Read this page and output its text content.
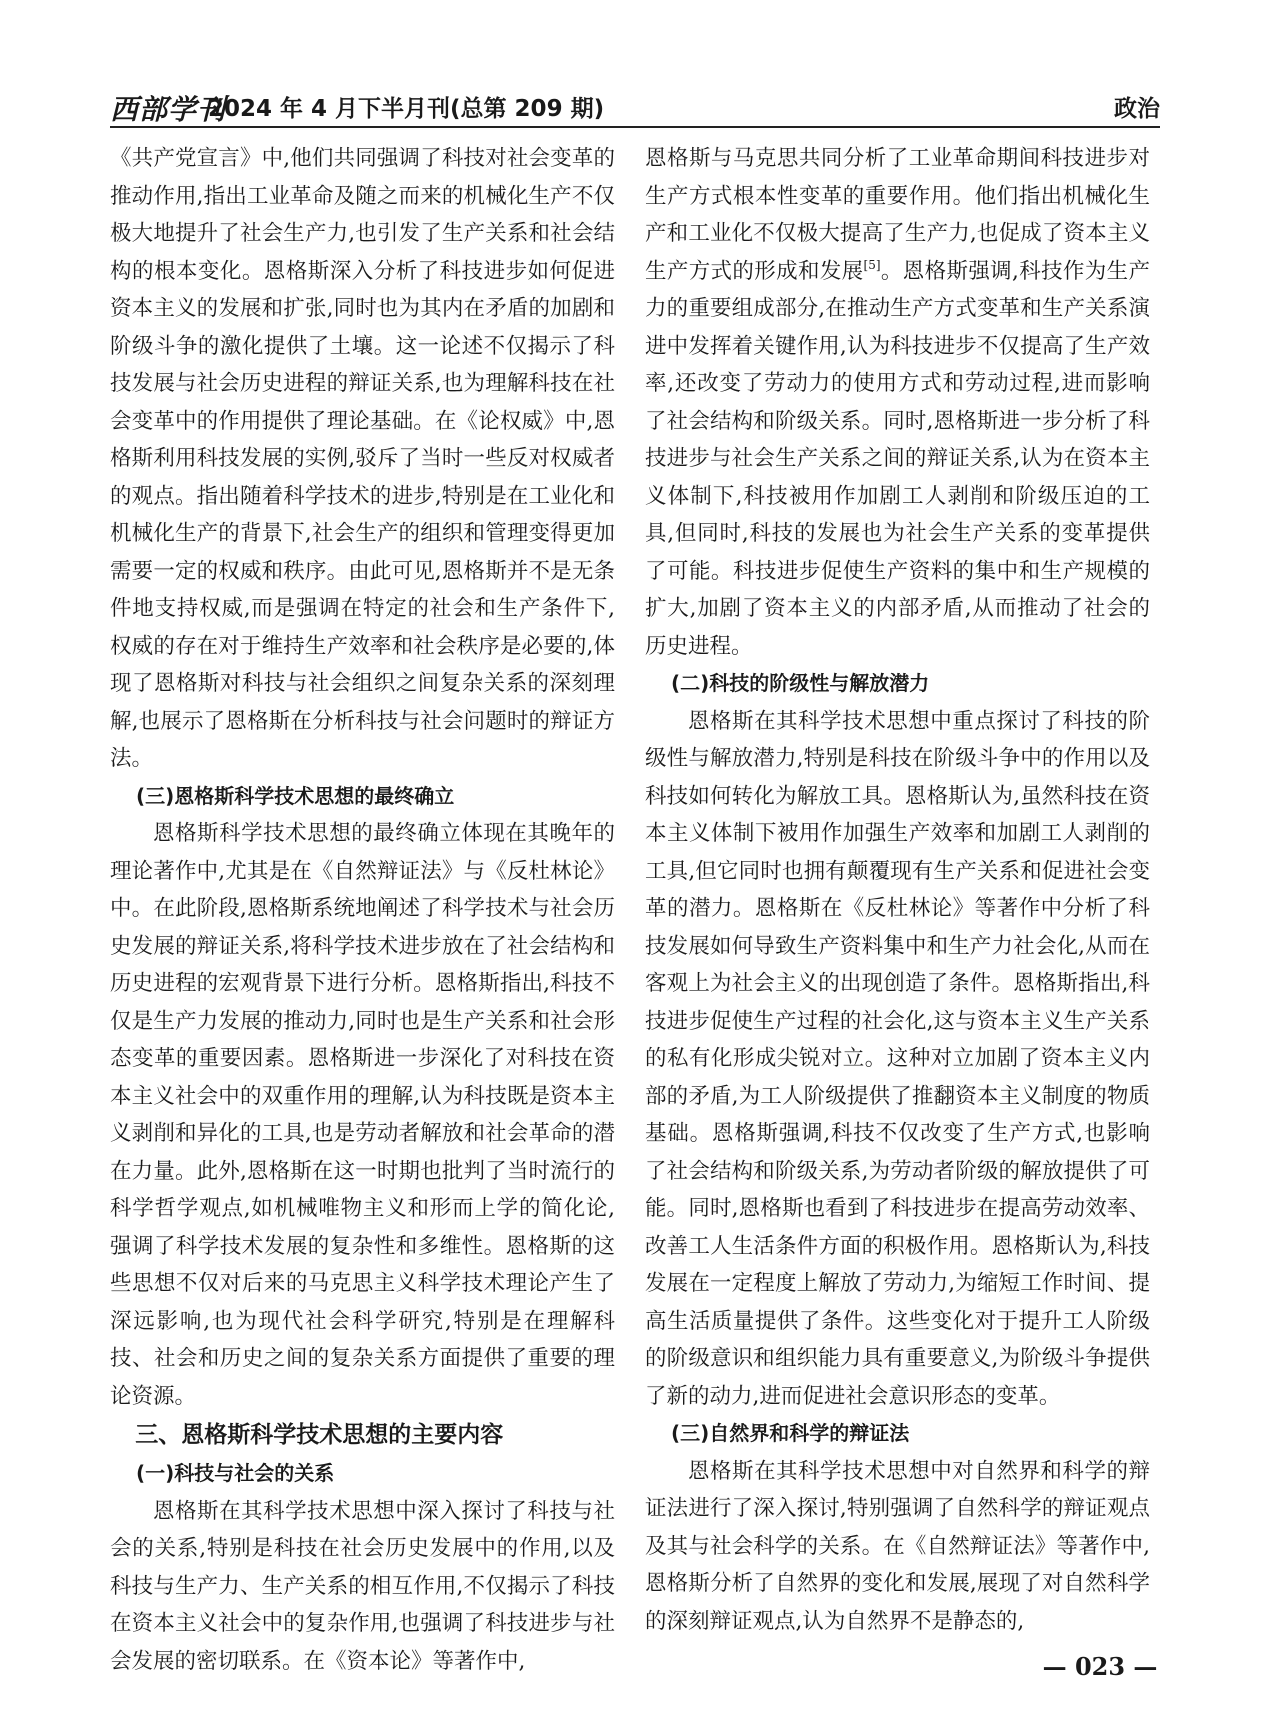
西部学刊
2024 年 4 月下半月刊(总第 209 期)	政治

《共产党宣言》中,他们共同强调了科技对社会变革的推动作用,指出工业革命及随之而来的机械化生产不仅极大地提升了社会生产力,也引发了生产关系和社会结构的根本变化。恩格斯深入分析了科技进步如何促进资本主义的发展和扩张,同时也为其内在矛盾的加剧和阶级斗争的激化提供了土壤。这一论述不仅揭示了科技发展与社会历史进程的辩证关系,也为理解科技在社会变革中的作用提供了理论基础。在《论权威》中,恩格斯利用科技发展的实例,驳斥了当时一些反对权威者的观点。指出随着科学技术的进步,特别是在工业化和机械化生产的背景下,社会生产的组织和管理变得更加需要一定的权威和秩序。由此可见,恩格斯并不是无条件地支持权威,而是强调在特定的社会和生产条件下,权威的存在对于维持生产效率和社会秩序是必要的,体现了恩格斯对科技与社会组织之间复杂关系的深刻理解,也展示了恩格斯在分析科技与社会问题时的辩证方法。

(三)恩格斯科学技术思想的最终确立

恩格斯科学技术思想的最终确立体现在其晚年的理论著作中,尤其是在《自然辩证法》与《反杜林论》中。在此阶段,恩格斯系统地阐述了科学技术与社会历史发展的辩证关系,将科学技术进步放在了社会结构和历史进程的宏观背景下进行分析。恩格斯指出,科技不仅是生产力发展的推动力,同时也是生产关系和社会形态变革的重要因素。恩格斯进一步深化了对科技在资本主义社会中的双重作用的理解,认为科技既是资本主义剥削和异化的工具,也是劳动者解放和社会革命的潜在力量。此外,恩格斯在这一时期也批判了当时流行的科学哲学观点,如机械唯物主义和形而上学的简化论,强调了科学技术发展的复杂性和多维性。恩格斯的这些思想不仅对后来的马克思主义科学技术理论产生了深远影响,也为现代社会科学研究,特别是在理解科技、社会和历史之间的复杂关系方面提供了重要的理论资源。

三、恩格斯科学技术思想的主要内容

(一)科技与社会的关系

恩格斯在其科学技术思想中深入探讨了科技与社会的关系,特别是科技在社会历史发展中的作用,以及科技与生产力、生产关系的相互作用,不仅揭示了科技在资本主义社会中的复杂作用,也强调了科技进步与社会发展的密切联系。在《资本论》等著作中,

恩格斯与马克思共同分析了工业革命期间科技进步对生产方式根本性变革的重要作用。他们指出机械化生产和工业化不仅极大提高了生产力,也促成了资本主义生产方式的形成和发展[5]。恩格斯强调,科技作为生产力的重要组成部分,在推动生产方式变革和生产关系演进中发挥着关键作用,认为科技进步不仅提高了生产效率,还改变了劳动力的使用方式和劳动过程,进而影响了社会结构和阶级关系。同时,恩格斯进一步分析了科技进步与社会生产关系之间的辩证关系,认为在资本主义体制下,科技被用作加剧工人剥削和阶级压迫的工具,但同时,科技的发展也为社会生产关系的变革提供了可能。科技进步促使生产资料的集中和生产规模的扩大,加剧了资本主义的内部矛盾,从而推动了社会的历史进程。

(二)科技的阶级性与解放潜力

恩格斯在其科学技术思想中重点探讨了科技的阶级性与解放潜力,特别是科技在阶级斗争中的作用以及科技如何转化为解放工具。恩格斯认为,虽然科技在资本主义体制下被用作加强生产效率和加剧工人剥削的工具,但它同时也拥有颠覆现有生产关系和促进社会变革的潜力。恩格斯在《反杜林论》等著作中分析了科技发展如何导致生产资料集中和生产力社会化,从而在客观上为社会主义的出现创造了条件。恩格斯指出,科技进步促使生产过程的社会化,这与资本主义生产关系的私有化形成尖锐对立。这种对立加剧了资本主义内部的矛盾,为工人阶级提供了推翻资本主义制度的物质基础。恩格斯强调,科技不仅改变了生产方式,也影响了社会结构和阶级关系,为劳动者阶级的解放提供了可能。同时,恩格斯也看到了科技进步在提高劳动效率、改善工人生活条件方面的积极作用。恩格斯认为,科技发展在一定程度上解放了劳动力,为缩短工作时间、提高生活质量提供了条件。这些变化对于提升工人阶级的阶级意识和组织能力具有重要意义,为阶级斗争提供了新的动力,进而促进社会意识形态的变革。

(三)自然界和科学的辩证法

恩格斯在其科学技术思想中对自然界和科学的辩证法进行了深入探讨,特别强调了自然科学的辩证观点及其与社会科学的关系。在《自然辩证法》等著作中,恩格斯分析了自然界的变化和发展,展现了对自然科学的深刻辩证观点,认为自然界不是静态的,

— 023 —
